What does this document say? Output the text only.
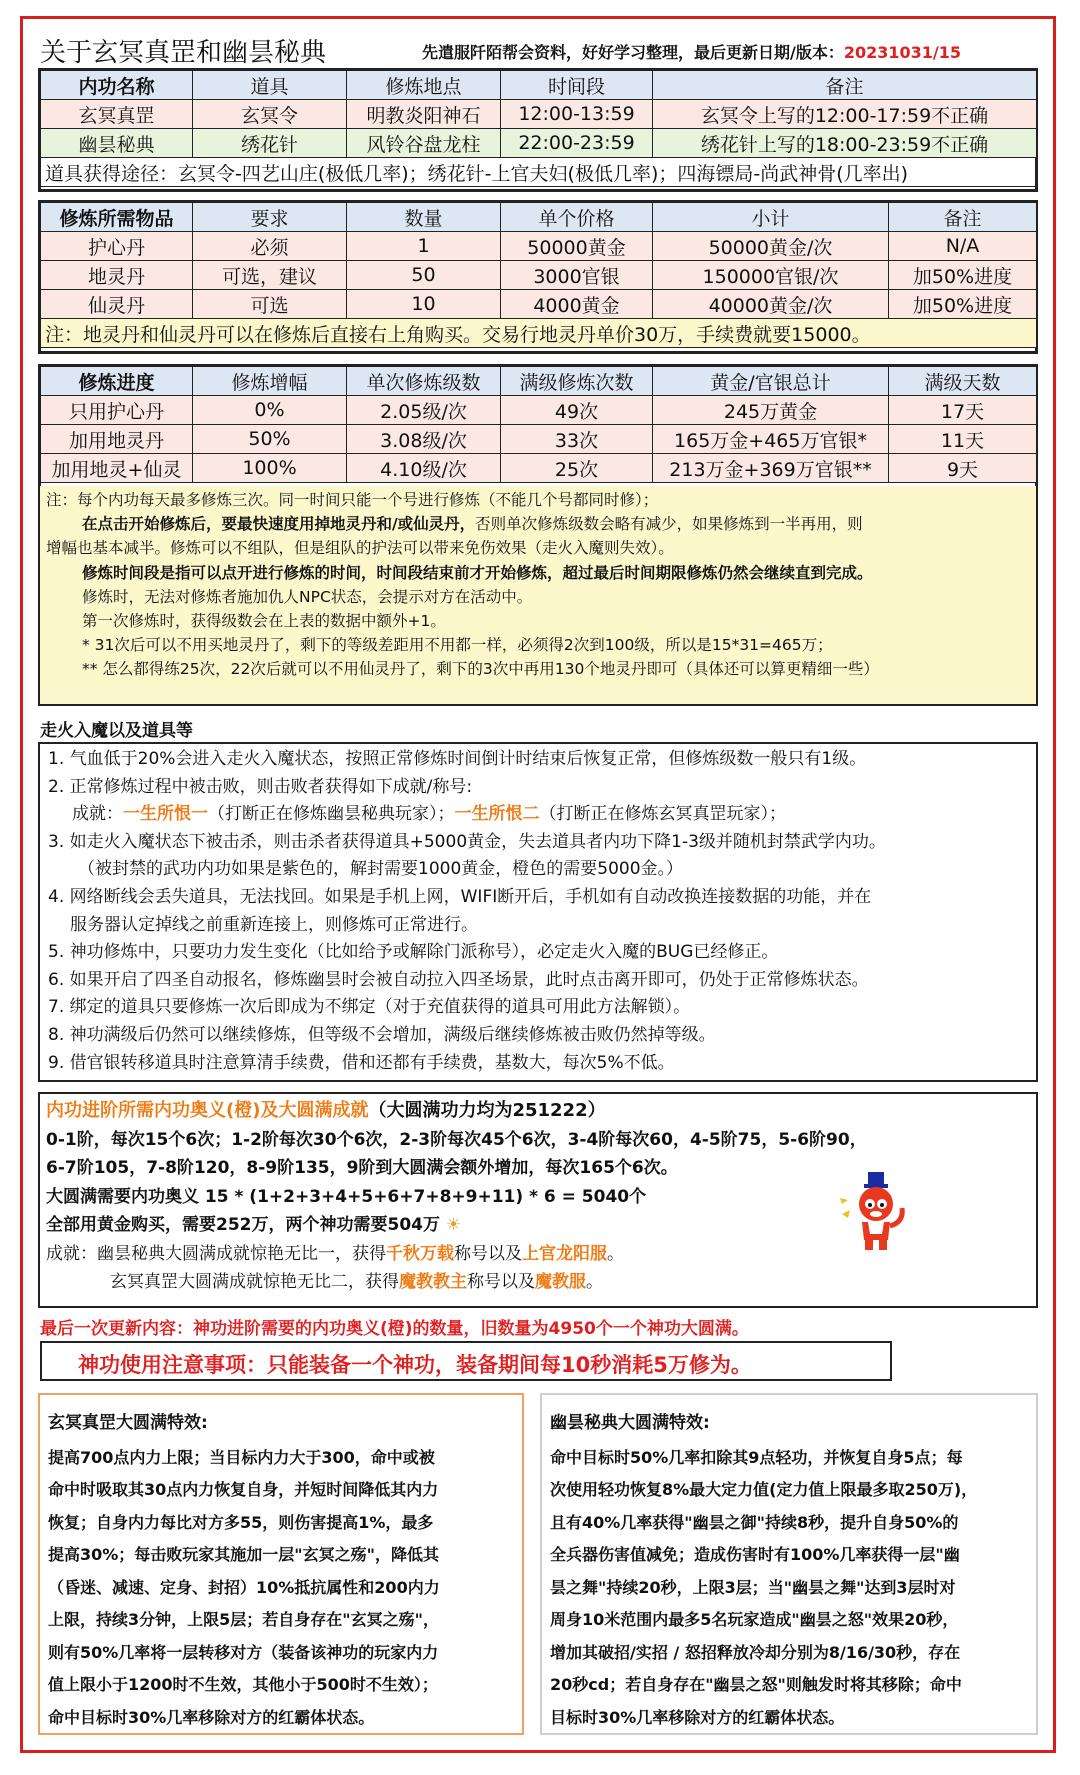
关于玄冥真罡和幽昙秘典	先遣服阡陌帮会资料，好好学习整理，最后更新日期/版本：20231031/15
内功名称	道具	修炼地点	时间段	备注
玄冥真罡	玄冥令	明教炎阳神石	12:00-13:59	玄冥令上写的12:00-17:59不正确
幽昙秘典	绣花针	风铃谷盘龙柱	22:00-23:59	绣花针上写的18:00-23:59不正确
道具获得途径：玄冥令-四艺山庄(极低几率)；绣花针-上官夫妇(极低几率)；四海镖局-尚武神骨(几率出)				
修炼所需物品	要求	数量	单个价格	小计	备注
护心丹	必须	1	50000黄金	50000黄金/次	N/A
地灵丹	可选，建议	50	3000官银	150000官银/次	加50%进度
仙灵丹	可选	10	4000黄金	40000黄金/次	加50%进度
注：地灵丹和仙灵丹可以在修炼后直接右上角购买。交易行地灵丹单价30万，手续费就要15000。					
修炼进度	修炼增幅	单次修炼级数	满级修炼次数	黄金/官银总计	满级天数
只用护心丹	0%	2.05级/次	49次	245万黄金	17天
加用地灵丹	50%	3.08级/次	33次	165万金+465万官银*	11天
加用地灵+仙灵	100%	4.10级/次	25次	213万金+369万官银**	9天
注：每个内功每天最多修炼三次。同一时间只能一个号进行修炼（不能几个号都同时修）；
在点击开始修炼后，要最快速度用掉地灵丹和/或仙灵丹，否则单次修炼级数会略有减少，如果修炼到一半再用，则
增幅也基本减半。修炼可以不组队，但是组队的护法可以带来免伤效果（走火入魔则失效）。
修炼时间段是指可以点开进行修炼的时间，时间段结束前才开始修炼，超过最后时间期限修炼仍然会继续直到完成。
修炼时，无法对修炼者施加仇人NPC状态，会提示对方在活动中。
第一次修炼时，获得级数会在上表的数据中额外+1。
* 31次后可以不用买地灵丹了，剩下的等级差距用不用都一样，必须得2次到100级，所以是15*31=465万；
** 怎么都得练25次，22次后就可以不用仙灵丹了，剩下的3次中再用130个地灵丹即可（具体还可以算更精细一些）
走火入魔以及道具等
1. 气血低于20%会进入走火入魔状态，按照正常修炼时间倒计时结束后恢复正常，但修炼级数一般只有1级。
2. 正常修炼过程中被击败，则击败者获得如下成就/称号:
成就：一生所恨一（打断正在修炼幽昙秘典玩家）；一生所恨二（打断正在修炼玄冥真罡玩家）；
3. 如走火入魔状态下被击杀，则击杀者获得道具+5000黄金，失去道具者内功下降1-3级并随机封禁武学内功。
（被封禁的武功内功如果是紫色的，解封需要1000黄金，橙色的需要5000金。）
4. 网络断线会丢失道具，无法找回。如果是手机上网，WIFI断开后，手机如有自动改换连接数据的功能，并在
服务器认定掉线之前重新连接上，则修炼可正常进行。
5. 神功修炼中，只要功力发生变化（比如给予或解除门派称号），必定走火入魔的BUG已经修正。
6. 如果开启了四圣自动报名，修炼幽昙时会被自动拉入四圣场景，此时点击离开即可，仍处于正常修炼状态。
7. 绑定的道具只要修炼一次后即成为不绑定（对于充值获得的道具可用此方法解锁）。
8. 神功满级后仍然可以继续修炼，但等级不会增加，满级后继续修炼被击败仍然掉等级。
9. 借官银转移道具时注意算清手续费，借和还都有手续费，基数大，每次5%不低。
内功进阶所需内功奥义(橙)及大圆满成就（大圆满功力均为251222）
0-1阶，每次15个6次；1-2阶每次30个6次，2-3阶每次45个6次，3-4阶每次60，4-5阶75，5-6阶90，
6-7阶105，7-8阶120，8-9阶135，9阶到大圆满会额外增加，每次165个6次。
大圆满需要内功奥义 15 * (1+2+3+4+5+6+7+8+9+11) * 6 = 5040个
全部用黄金购买，需要252万，两个神功需要504万 ☀
成就：幽昙秘典大圆满成就惊艳无比一，获得千秋万载称号以及上官龙阳服。
玄冥真罡大圆满成就惊艳无比二，获得魔教教主称号以及魔教服。
最后一次更新内容：神功进阶需要的内功奥义(橙)的数量，旧数量为4950个一个神功大圆满。
神功使用注意事项：只能装备一个神功，装备期间每10秒消耗5万修为。
玄冥真罡大圆满特效:
提高700点内力上限；当目标内力大于300，命中或被
命中时吸取其30点内力恢复自身，并短时间降低其内力
恢复；自身内力每比对方多55，则伤害提高1%，最多
提高30%；每击败玩家其施加一层"玄冥之殇"，降低其
（昏迷、减速、定身、封招）10%抵抗属性和200内力
上限，持续3分钟，上限5层；若自身存在"玄冥之殇"，
则有50%几率将一层转移对方（装备该神功的玩家内力
值上限小于1200时不生效，其他小于500时不生效）；
命中目标时30%几率移除对方的红霸体状态。
幽昙秘典大圆满特效:
命中目标时50%几率扣除其9点轻功，并恢复自身5点；每
次使用轻功恢复8%最大定力值(定力值上限最多取250万)，
且有40%几率获得"幽昙之御"持续8秒，提升自身50%的
全兵器伤害值减免；造成伤害时有100%几率获得一层"幽
昙之舞"持续20秒，上限3层；当"幽昙之舞"达到3层时对
周身10米范围内最多5名玩家造成"幽昙之怒"效果20秒，
增加其破招/实招 / 怒招释放冷却分别为8/16/30秒，存在
20秒cd；若自身存在"幽昙之怒"则触发时将其移除；命中
目标时30%几率移除对方的红霸体状态。
